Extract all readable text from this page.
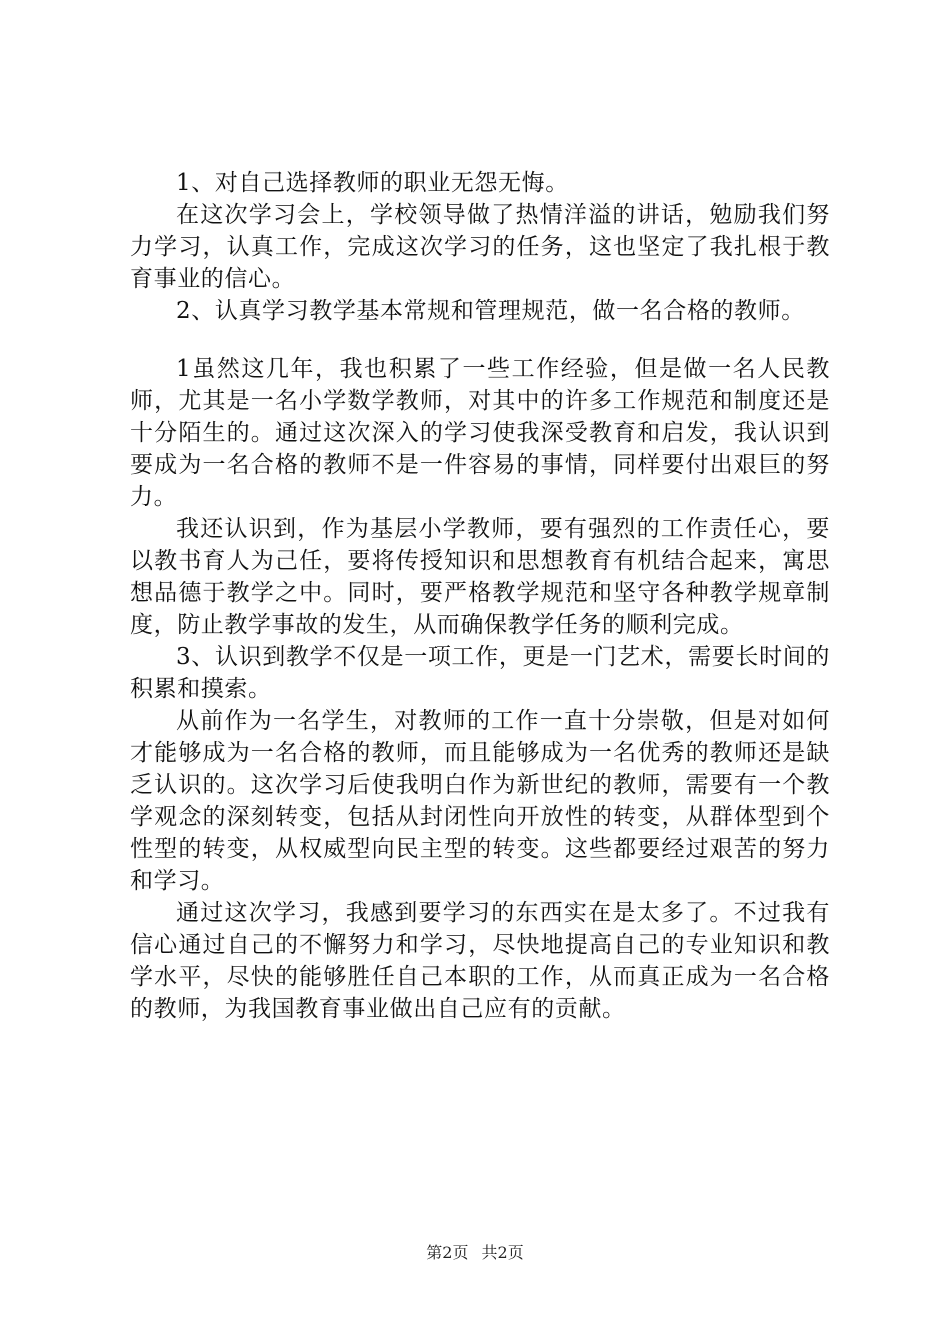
1、对自己选择教师的职业无怨无悔。

在这次学习会上，学校领导做了热情洋溢的讲话，勉励我们努力学习，认真工作，完成这次学习的任务，这也坚定了我扎根于教育事业的信心。

2、认真学习教学基本常规和管理规范，做一名合格的教师。

1虽然这几年，我也积累了一些工作经验，但是做一名人民教师，尤其是一名小学数学教师，对其中的许多工作规范和制度还是十分陌生的。通过这次深入的学习使我深受教育和启发，我认识到要成为一名合格的教师不是一件容易的事情，同样要付出艰巨的努力。

我还认识到，作为基层小学教师，要有强烈的工作责任心，要以教书育人为己任，要将传授知识和思想教育有机结合起来，寓思想品德于教学之中。同时，要严格教学规范和坚守各种教学规章制度，防止教学事故的发生，从而确保教学任务的顺利完成。

3、认识到教学不仅是一项工作，更是一门艺术，需要长时间的积累和摸索。

从前作为一名学生，对教师的工作一直十分崇敬，但是对如何才能够成为一名合格的教师，而且能够成为一名优秀的教师还是缺乏认识的。这次学习后使我明白作为新世纪的教师，需要有一个教学观念的深刻转变，包括从封闭性向开放性的转变，从群体型到个性型的转变，从权威型向民主型的转变。这些都要经过艰苦的努力和学习。

通过这次学习，我感到要学习的东西实在是太多了。不过我有信心通过自己的不懈努力和学习，尽快地提高自己的专业知识和教学水平，尽快的能够胜任自己本职的工作，从而真正成为一名合格的教师，为我国教育事业做出自己应有的贡献。

第2页 共2页
